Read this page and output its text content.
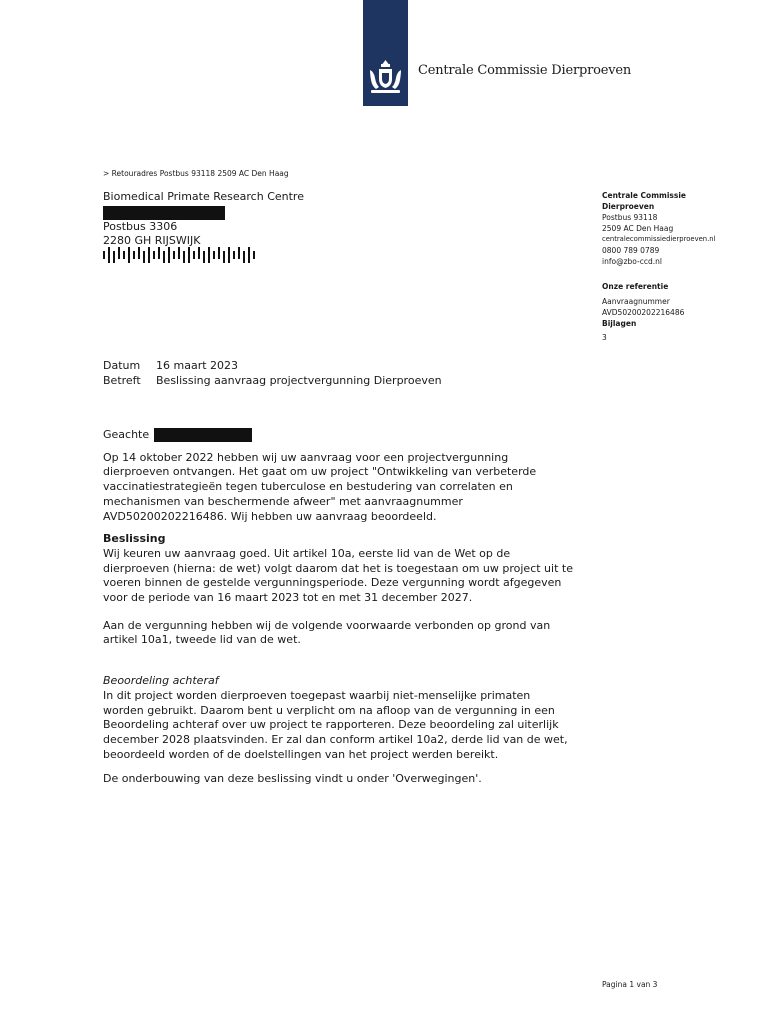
Centrale Commissie Dierproeven
> Retouradres Postbus 93118 2509 AC Den Haag
Biomedical Primate Research Centre
Postbus 3306
2280 GH RIJSWIJK
Centrale Commissie
Dierproeven
Postbus 93118
2509 AC Den Haag
centralecommissiedierproeven.nl
0800 789 0789
info@zbo-ccd.nl
Onze referentie
Aanvraagnummer
AVD50200202216486
Bijlagen
3
Datum	16 maart 2023
Betreft	Beslissing aanvraag projectvergunning Dierproeven
Geachte

Op 14 oktober 2022 hebben wij uw aanvraag voor een projectvergunning dierproeven ontvangen. Het gaat om uw project "Ontwikkeling van verbeterde vaccinatiestrategieën tegen tuberculose en bestudering van correlaten en mechanismen van beschermende afweer" met aanvraagnummer AVD50200202216486. Wij hebben uw aanvraag beoordeeld.

Beslissing

Wij keuren uw aanvraag goed. Uit artikel 10a, eerste lid van de Wet op de dierproeven (hierna: de wet) volgt daarom dat het is toegestaan om uw project uit te voeren binnen de gestelde vergunningsperiode. Deze vergunning wordt afgegeven voor de periode van 16 maart 2023 tot en met 31 december 2027.

Aan de vergunning hebben wij de volgende voorwaarde verbonden op grond van artikel 10a1, tweede lid van de wet.

Beoordeling achteraf

In dit project worden dierproeven toegepast waarbij niet-menselijke primaten worden gebruikt. Daarom bent u verplicht om na afloop van de vergunning in een Beoordeling achteraf over uw project te rapporteren. Deze beoordeling zal uiterlijk december 2028 plaatsvinden. Er zal dan conform artikel 10a2, derde lid van de wet, beoordeeld worden of de doelstellingen van het project werden bereikt.

De onderbouwing van deze beslissing vindt u onder 'Overwegingen'.

Pagina 1 van 3
